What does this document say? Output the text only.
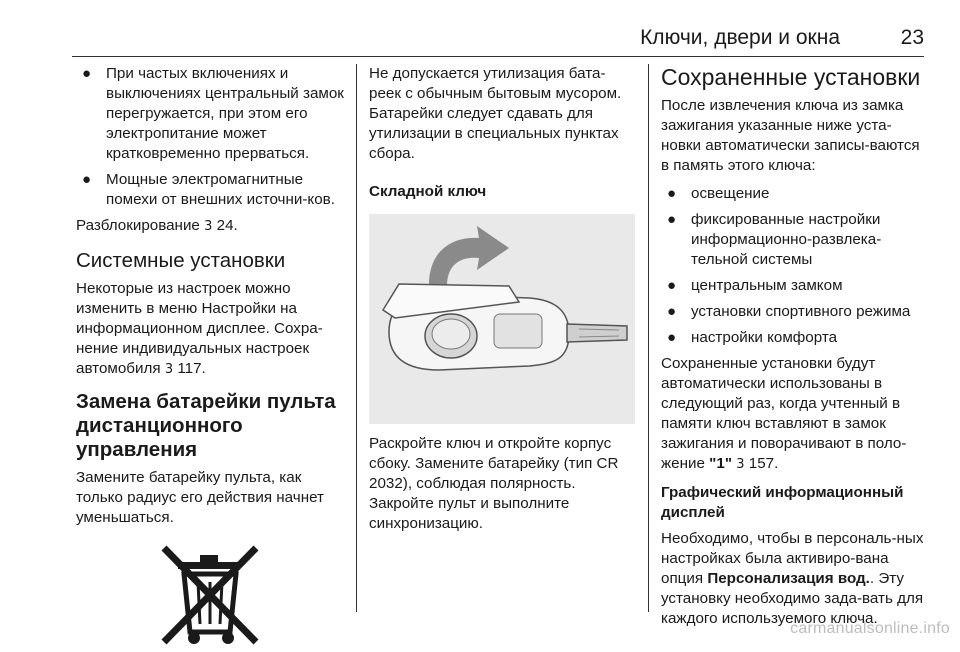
Ключи, двери и окна	23
● При частых включениях и выключениях центральный замок перегружается, при этом его электропитание может кратковременно прерваться.
● Мощные электромагнитные помехи от внешних источни-ков.

Разблокирование 3 24.

Системные установки

Некоторые из настроек можно изменить в меню Настройки на информационном дисплее. Сохра-нение индивидуальных настроек автомобиля 3 117.

Замена батарейки пульта
дистанционного управления

Замените батарейку пульта, как только радиус его действия начнет уменьшаться.

Не допускается утилизация бата-реек с обычным бытовым мусором. Батарейки следует сдавать для утилизации в специальных пунктах сбора.

Складной ключ

Раскройте ключ и откройте корпус сбоку. Замените батарейку (тип CR 2032), соблюдая полярность. Закройте пульт и выполните синхронизацию.

Сохраненные установки

После извлечения ключа из замка зажигания указанные ниже уста-новки автоматически записы-ваются в память этого ключа:

● освещение
● фиксированные настройки информационно-развлека-тельной системы
● центральным замком
● установки спортивного режима
● настройки комфорта

Сохраненные установки будут автоматически использованы в следующий раз, когда учтенный в памяти ключ вставляют в замок зажигания и поворачивают в поло-жение "1" 3 157.

Графический информационный дисплей

Необходимо, чтобы в персональ-ных настройках была активиро-вана опция Персонализация вод.. Эту установку необходимо зада-вать для каждого используемого ключа.

carmanualsonline.info
